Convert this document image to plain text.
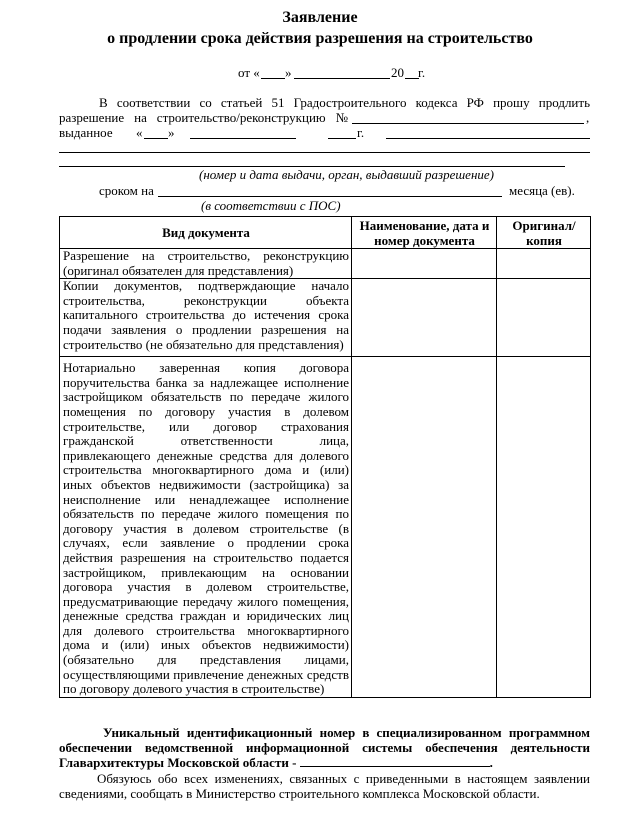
Заявление
о продлении срока действия разрешения на строительство
от « »	20 г.
В соответствии со статьей 51 Градостроительного кодекса РФ прошу продлить
разрешение на строительство/реконструкцию №	,
выданное « »	г.
(номер и дата выдачи, орган, выдавший разрешение)
сроком на	месяца (ев).
(в соответствии с ПОС)
Вид документа	Наименование, дата и номер документа	Оригинал/ копия

Разрешение на строительство, реконструкцию (оригинал обязателен для представления)		

Копии документов, подтверждающие начало строительства, реконструкции объекта капитального строительства до истечения срока подачи заявления о продлении разрешения на строительство (не обязательно для представления)		

Нотариально заверенная копия договора поручительства банка за надлежащее исполнение застройщиком обязательств по передаче жилого помещения по договору участия в долевом строительстве, или договор страхования гражданской ответственности лица, привлекающего денежные средства для долевого строительства многоквартирного дома и (или) иных объектов недвижимости (застройщика) за неисполнение или ненадлежащее исполнение обязательств по передаче жилого помещения по договору участия в долевом строительстве (в случаях, если заявление о продлении срока действия разрешения на строительство подается застройщиком, привлекающим на основании договора участия в долевом строительстве, предусматривающие передачу жилого помещения, денежные средства граждан и юридических лиц для долевого строительства многоквартирного дома и (или) иных объектов недвижимости) (обязательно для представления лицами, осуществляющими привлечение денежных средств по договору долевого участия в строительстве)		

Уникальный идентификационный номер в специализированном программном обеспечении ведомственной информационной системы обеспечения деятельности Главархитектуры Московской области -	.
Обязуюсь обо всех изменениях, связанных с приведенными в настоящем заявлении сведениями, сообщать в Министерство строительного комплекса Московской области.
